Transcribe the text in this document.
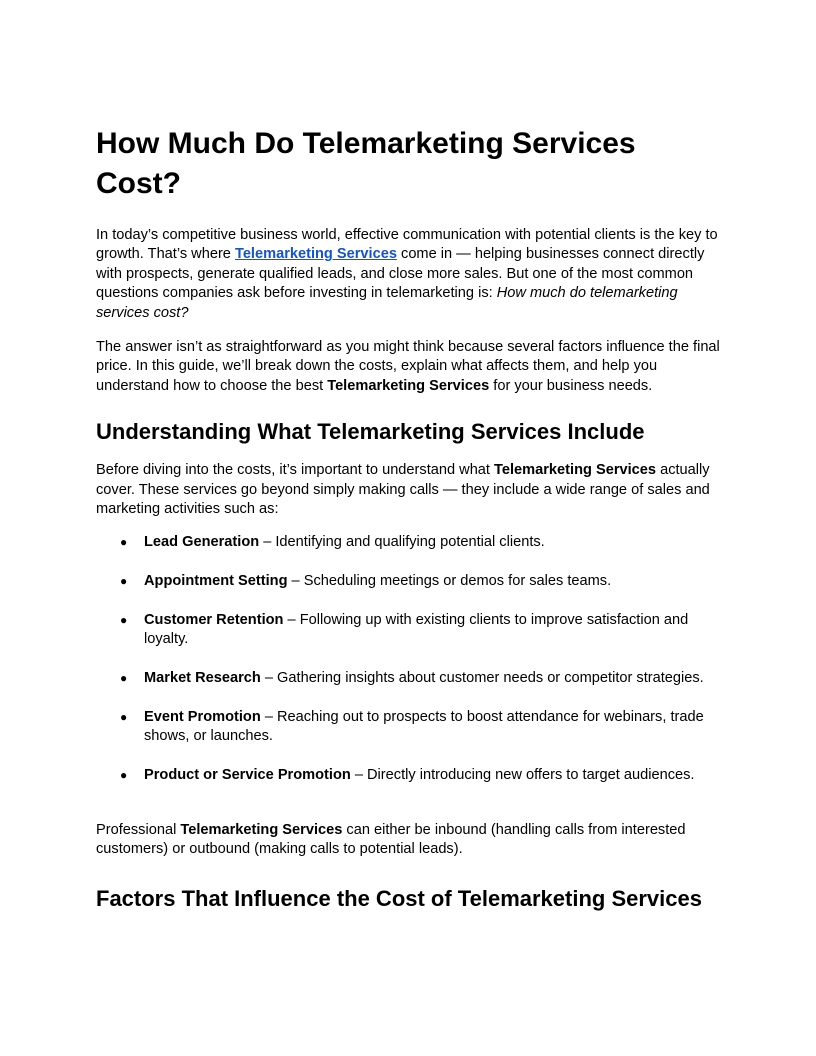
How Much Do Telemarketing Services Cost?

In today’s competitive business world, effective communication with potential clients is the key to growth. That’s where Telemarketing Services come in — helping businesses connect directly with prospects, generate qualified leads, and close more sales. But one of the most common questions companies ask before investing in telemarketing is: How much do telemarketing services cost?

The answer isn’t as straightforward as you might think because several factors influence the final price. In this guide, we’ll break down the costs, explain what affects them, and help you understand how to choose the best Telemarketing Services for your business needs.

Understanding What Telemarketing Services Include

Before diving into the costs, it’s important to understand what Telemarketing Services actually cover. These services go beyond simply making calls — they include a wide range of sales and marketing activities such as:

● Lead Generation – Identifying and qualifying potential clients.
● Appointment Setting – Scheduling meetings or demos for sales teams.
● Customer Retention – Following up with existing clients to improve satisfaction and loyalty.
● Market Research – Gathering insights about customer needs or competitor strategies.
● Event Promotion – Reaching out to prospects to boost attendance for webinars, trade shows, or launches.
● Product or Service Promotion – Directly introducing new offers to target audiences.

Professional Telemarketing Services can either be inbound (handling calls from interested customers) or outbound (making calls to potential leads).

Factors That Influence the Cost of Telemarketing Services
